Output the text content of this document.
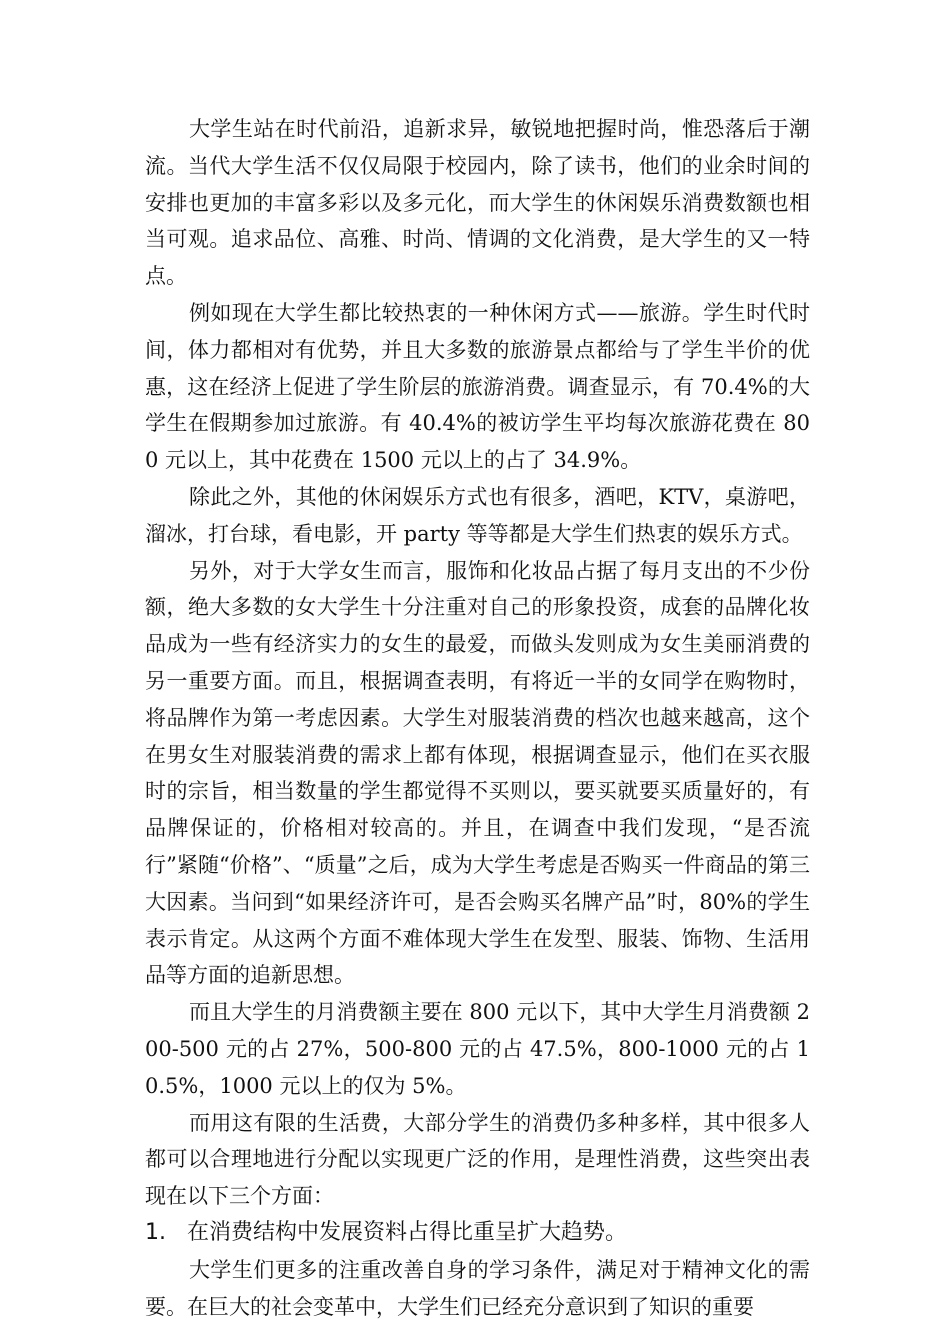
大学生站在时代前沿，追新求异，敏锐地把握时尚，惟恐落后于潮流。当代大学生活不仅仅局限于校园内，除了读书，他们的业余时间的安排也更加的丰富多彩以及多元化，而大学生的休闲娱乐消费数额也相当可观。追求品位、高雅、时尚、情调的文化消费，是大学生的又一特点。

例如现在大学生都比较热衷的一种休闲方式——旅游。学生时代时间，体力都相对有优势，并且大多数的旅游景点都给与了学生半价的优惠，这在经济上促进了学生阶层的旅游消费。调查显示，有 70.4%的大学生在假期参加过旅游。有 40.4%的被访学生平均每次旅游花费在 800 元以上，其中花费在 1500 元以上的占了 34.9%。

除此之外，其他的休闲娱乐方式也有很多，酒吧，KTV，桌游吧，溜冰，打台球，看电影，开 party 等等都是大学生们热衷的娱乐方式。

另外，对于大学女生而言，服饰和化妆品占据了每月支出的不少份额，绝大多数的女大学生十分注重对自己的形象投资，成套的品牌化妆品成为一些有经济实力的女生的最爱，而做头发则成为女生美丽消费的另一重要方面。而且，根据调查表明，有将近一半的女同学在购物时，将品牌作为第一考虑因素。大学生对服装消费的档次也越来越高，这个在男女生对服装消费的需求上都有体现，根据调查显示，他们在买衣服时的宗旨，相当数量的学生都觉得不买则以，要买就要买质量好的，有品牌保证的，价格相对较高的。并且，在调查中我们发现，“是否流行”紧随“价格”、“质量”之后，成为大学生考虑是否购买一件商品的第三大因素。当问到“如果经济许可，是否会购买名牌产品”时，80%的学生表示肯定。从这两个方面不难体现大学生在发型、服装、饰物、生活用品等方面的追新思想。

而且大学生的月消费额主要在 800 元以下，其中大学生月消费额 200-500 元的占 27%，500-800 元的占 47.5%，800-1000 元的占 10.5%，1000 元以上的仅为 5%。

而用这有限的生活费，大部分学生的消费仍多种多样，其中很多人都可以合理地进行分配以实现更广泛的作用，是理性消费，这些突出表现在以下三个方面：

1. 在消费结构中发展资料占得比重呈扩大趋势。

大学生们更多的注重改善自身的学习条件，满足对于精神文化的需要。在巨大的社会变革中，大学生们已经充分意识到了知识的重要
